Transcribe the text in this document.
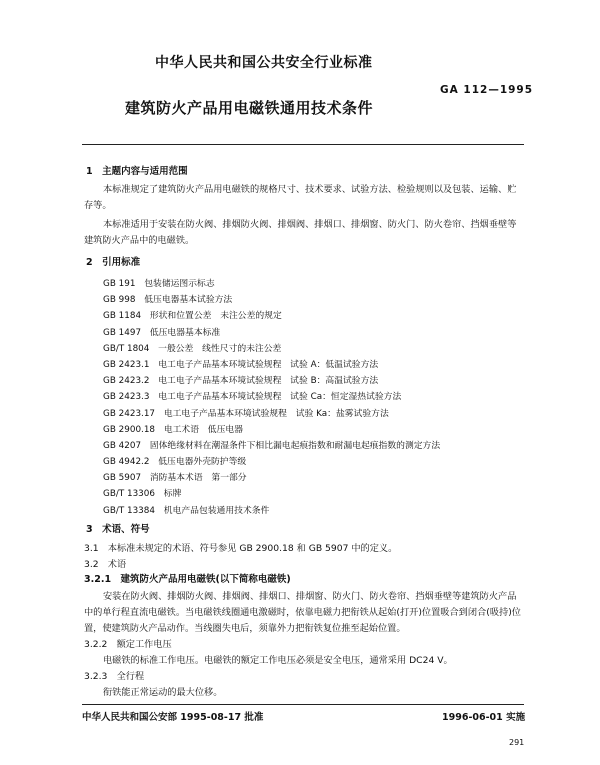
中华人民共和国公共安全行业标准
GA 112—1995
建筑防火产品用电磁铁通用技术条件
1　主题内容与适用范围
本标准规定了建筑防火产品用电磁铁的规格尺寸、技术要求、试验方法、检验规则以及包装、运输、贮存等。
本标准适用于安装在防火阀、排烟防火阀、排烟阀、排烟口、排烟窗、防火门、防火卷帘、挡烟垂壁等建筑防火产品中的电磁铁。
2　引用标准
GB 191　包装储运图示标志
GB 998　低压电器基本试验方法
GB 1184　形状和位置公差　未注公差的规定
GB 1497　低压电器基本标准
GB/T 1804　一般公差　线性尺寸的未注公差
GB 2423.1　电工电子产品基本环境试验规程　试验 A：低温试验方法
GB 2423.2　电工电子产品基本环境试验规程　试验 B：高温试验方法
GB 2423.3　电工电子产品基本环境试验规程　试验 Ca：恒定湿热试验方法
GB 2423.17　电工电子产品基本环境试验规程　试验 Ka：盐雾试验方法
GB 2900.18　电工术语　低压电器
GB 4207　固体绝缘材料在潮湿条件下相比漏电起痕指数和耐漏电起痕指数的测定方法
GB 4942.2　低压电器外壳防护等级
GB 5907　消防基本术语　第一部分
GB/T 13306　标牌
GB/T 13384　机电产品包装通用技术条件
3　术语、符号
3.1　本标准未规定的术语、符号参见 GB 2900.18 和 GB 5907 中的定义。
3.2　术语
3.2.1　建筑防火产品用电磁铁(以下简称电磁铁)
安装在防火阀、排烟防火阀、排烟阀、排烟口、排烟窗、防火门、防火卷帘、挡烟垂壁等建筑防火产品中的单行程直流电磁铁。当电磁铁线圈通电激磁时，依靠电磁力把衔铁从起始(打开)位置吸合到闭合(吸持)位置，使建筑防火产品动作。当线圈失电后，须靠外力把衔铁复位推至起始位置。
3.2.2　额定工作电压
电磁铁的标准工作电压。电磁铁的额定工作电压必须是安全电压，通常采用 DC24 V。
3.2.3　全行程
衔铁能正常运动的最大位移。
中华人民共和国公安部 1995-08-17 批准	1996-06-01 实施
291
